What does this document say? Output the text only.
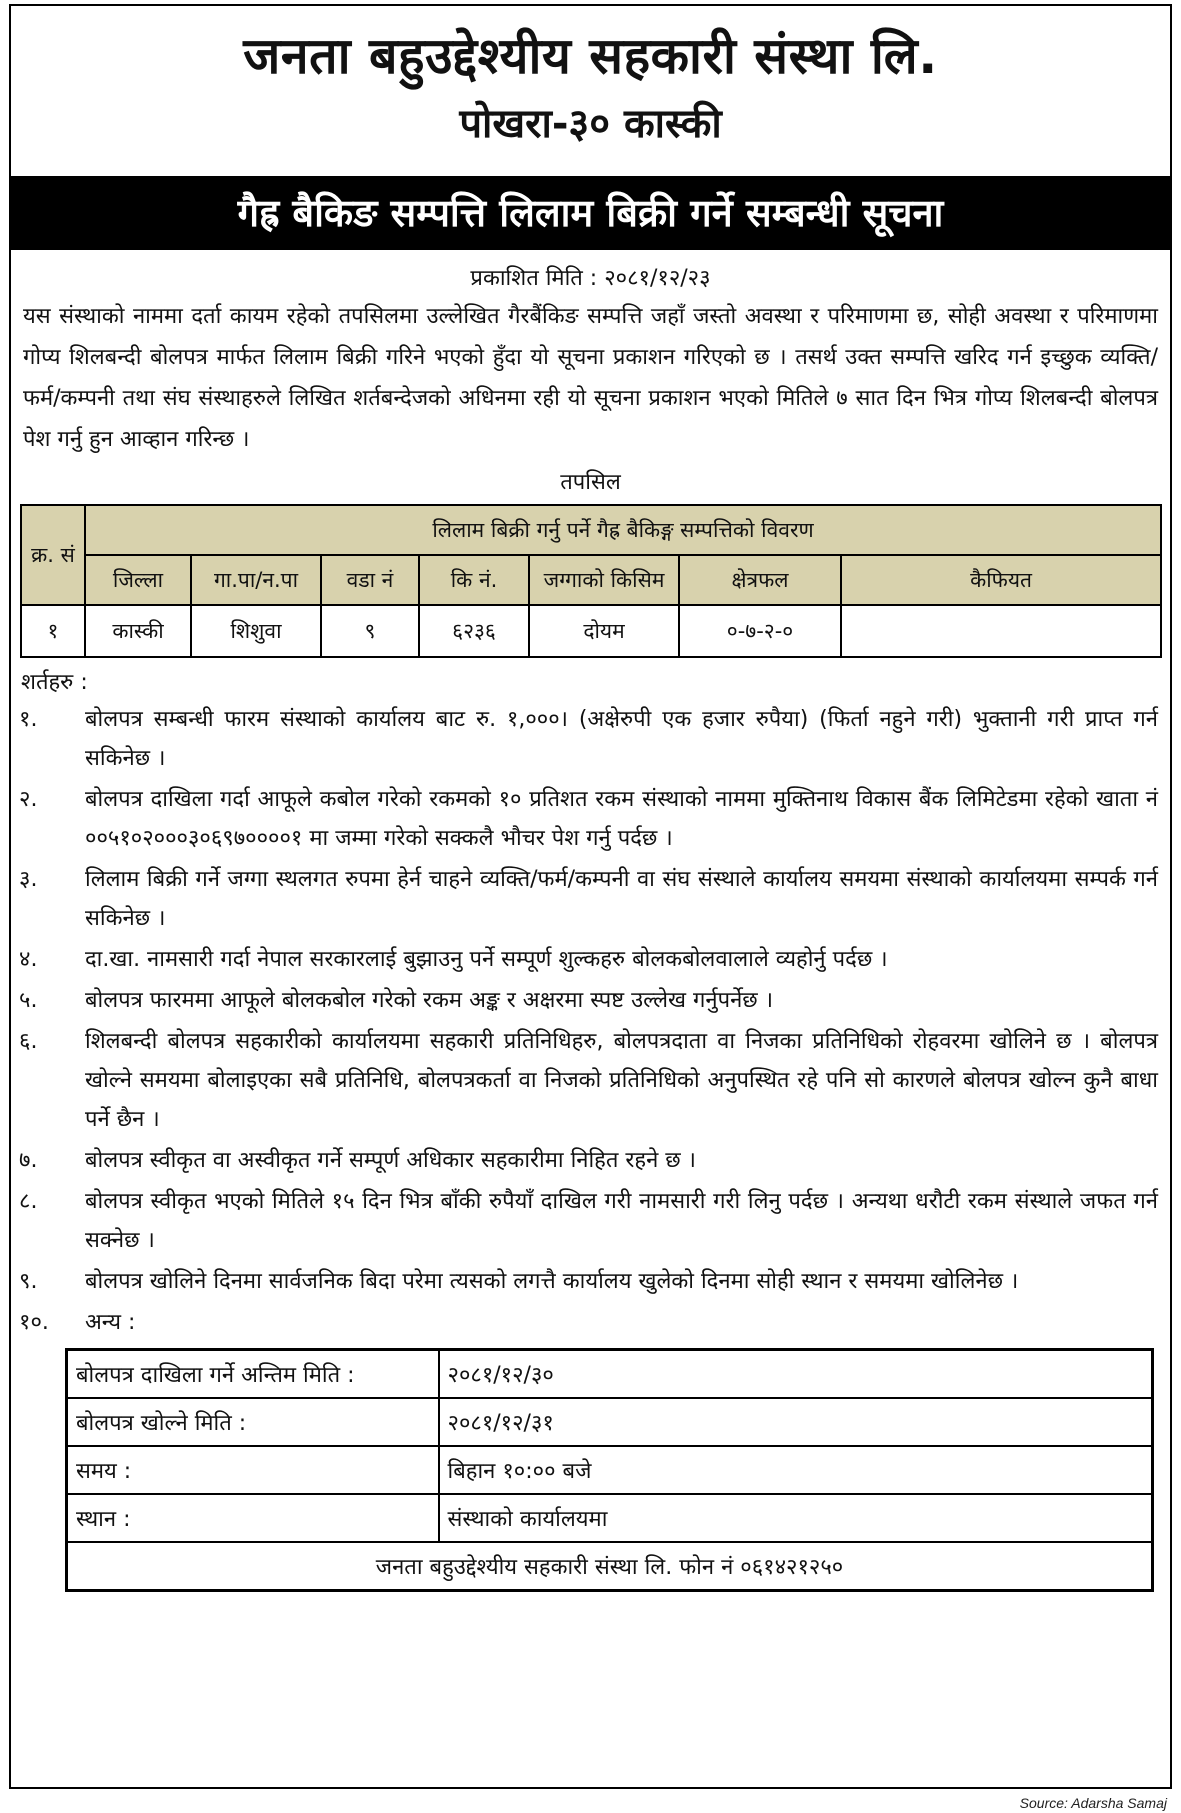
जनता बहुउद्देश्यीय सहकारी संस्था लि.
पोखरा-३० कास्की
गैह्र बैकिङ सम्पत्ति लिलाम बिक्री गर्ने सम्बन्धी सूचना
प्रकाशित मिति : २०८१/१२/२३
यस संस्थाको नाममा दर्ता कायम रहेको तपसिलमा उल्लेखित गैरबैंकिङ सम्पत्ति जहाँ जस्तो अवस्था र परिमाणमा छ, सोही अवस्था र परिमाणमा गोप्य शिलबन्दी बोलपत्र मार्फत लिलाम बिक्री गरिने भएको हुँदा यो सूचना प्रकाशन गरिएको छ । तसर्थ उक्त सम्पत्ति खरिद गर्न इच्छुक व्यक्ति/फर्म/कम्पनी तथा संघ संस्थाहरुले लिखित शर्तबन्देजको अधिनमा रही यो सूचना प्रकाशन भएको मितिले ७ सात दिन भित्र गोप्य शिलबन्दी बोलपत्र पेश गर्नु हुन आव्हान गरिन्छ ।
तपसिल
क्र. सं	लिलाम बिक्री गर्नु पर्ने गैह्र बैकिङ्ग सम्पत्तिको विवरण						
	जिल्ला	गा.पा/न.पा	वडा नं	कि नं.	जग्गाको किसिम	क्षेत्रफल	कैफियत
१	कास्की	शिशुवा	९	६२३६	दोयम	०-७-२-०	
शर्तहरु :
१.	बोलपत्र सम्बन्धी फारम संस्थाको कार्यालय बाट रु. १,०००। (अक्षेरुपी एक हजार रुपैया) (फिर्ता नहुने गरी) भुक्तानी गरी प्राप्त गर्न सकिनेछ ।
२.	बोलपत्र दाखिला गर्दा आफूले कबोल गरेको रकमको १० प्रतिशत रकम संस्थाको नाममा मुक्तिनाथ विकास बैंक लिमिटेडमा रहेको खाता नं ००५१०२०००३०६९७००००१ मा जम्मा गरेको सक्कलै भौचर पेश गर्नु पर्दछ ।
३.	लिलाम बिक्री गर्ने जग्गा स्थलगत रुपमा हेर्न चाहने व्यक्ति/फर्म/कम्पनी वा संघ संस्थाले कार्यालय समयमा संस्थाको कार्यालयमा सम्पर्क गर्न सकिनेछ ।
४.	दा.खा. नामसारी गर्दा नेपाल सरकारलाई बुझाउनु पर्ने सम्पूर्ण शुल्कहरु बोलकबोलवालाले व्यहोर्नु पर्दछ ।
५.	बोलपत्र फारममा आफूले बोलकबोल गरेको रकम अङ्क र अक्षरमा स्पष्ट उल्लेख गर्नुपर्नेछ ।
६.	शिलबन्दी बोलपत्र सहकारीको कार्यालयमा सहकारी प्रतिनिधिहरु, बोलपत्रदाता वा निजका प्रतिनिधिको रोहवरमा खोलिने छ । बोलपत्र खोल्ने समयमा बोलाइएका सबै प्रतिनिधि, बोलपत्रकर्ता वा निजको प्रतिनिधिको अनुपस्थित रहे पनि सो कारणले बोलपत्र खोल्न कुनै बाधा पर्ने छैन ।
७.	बोलपत्र स्वीकृत वा अस्वीकृत गर्ने सम्पूर्ण अधिकार सहकारीमा निहित रहने छ ।
८.	बोलपत्र स्वीकृत भएको मितिले १५ दिन भित्र बाँकी रुपैयाँ दाखिल गरी नामसारी गरी लिनु पर्दछ । अन्यथा धरौटी रकम संस्थाले जफत गर्न सक्नेछ ।
९.	बोलपत्र खोलिने दिनमा सार्वजनिक बिदा परेमा त्यसको लगत्तै कार्यालय खुलेको दिनमा सोही स्थान र समयमा खोलिनेछ ।
१०.	अन्य :
बोलपत्र दाखिला गर्ने अन्तिम मिति :	२०८१/१२/३०
बोलपत्र खोल्ने मिति :	२०८१/१२/३१
समय :	बिहान १०:०० बजे
स्थान :	संस्थाको कार्यालयमा
जनता बहुउद्देश्यीय सहकारी संस्था लि. फोन नं ०६१४२१२५०	
Source: Adarsha Samaj
